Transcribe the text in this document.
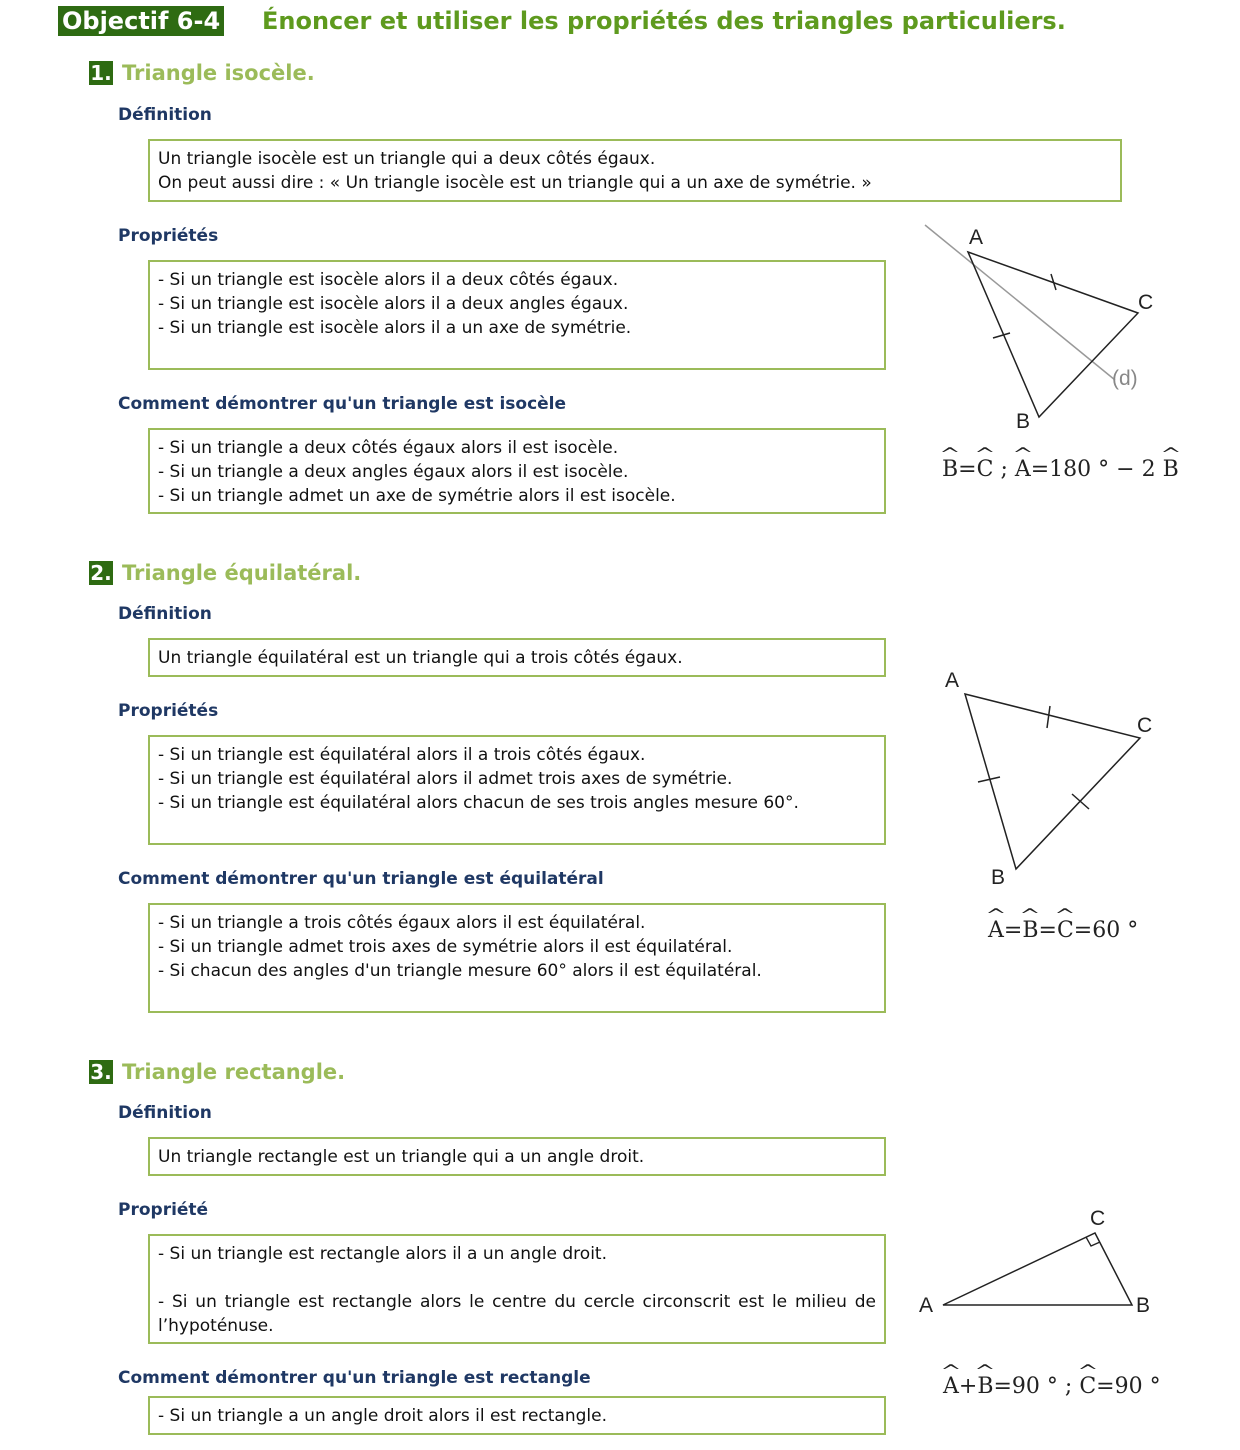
Objectif 6-4 Énoncer et utiliser les propriétés des triangles particuliers.
1. Triangle isocèle.
Définition
Un triangle isocèle est un triangle qui a deux côtés égaux.
On peut aussi dire : « Un triangle isocèle est un triangle qui a un axe de symétrie. »
Propriétés
- Si un triangle est isocèle alors il a deux côtés égaux.
- Si un triangle est isocèle alors il a deux angles égaux.
- Si un triangle est isocèle alors il a un axe de symétrie.
Comment démontrer qu'un triangle est isocèle
- Si un triangle a deux côtés égaux alors il est isocèle.
- Si un triangle a deux angles égaux alors il est isocèle.
- Si un triangle admet un axe de symétrie alors il est isocèle.
A
B
C
(d)
^ B=^ C ; ^ A=180 ° − 2 ^ B
2. Triangle équilatéral.
Définition
Un triangle équilatéral est un triangle qui a trois côtés égaux.
Propriétés
- Si un triangle est équilatéral alors il a trois côtés égaux.
- Si un triangle est équilatéral alors il admet trois axes de symétrie.
- Si un triangle est équilatéral alors chacun de ses trois angles mesure 60°.
Comment démontrer qu'un triangle est équilatéral
- Si un triangle a trois côtés égaux alors il est équilatéral.
- Si un triangle admet trois axes de symétrie alors il est équilatéral.
- Si chacun des angles d'un triangle mesure 60° alors il est équilatéral.
A
B
C
^ A=^ B=^ C=60 °
3. Triangle rectangle.
Définition
Un triangle rectangle est un triangle qui a un angle droit.
Propriété
- Si un triangle est rectangle alors il a un angle droit.
- Si un triangle est rectangle alors le centre du cercle circonscrit est le milieu de l’hypoténuse.
Comment démontrer qu'un triangle est rectangle
- Si un triangle a un angle droit alors il est rectangle.
A	B
C
^ A+^ B=90 ° ; ^ C=90 °
